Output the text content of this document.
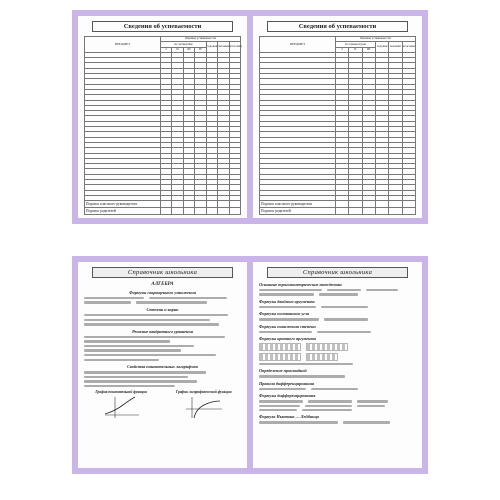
Сведения об успеваемости
ПРЕДМЕТ	Оценки успеваемости						
	по четвертям				годовая	экзамен	итоговая
	I	II	III	IV			

Подпись классного руководителя							
Подпись родителей							
Сведения об успеваемости
ПРЕДМЕТ	Оценки успеваемости					
	по триместрам			годовая	экзамен	итоговая
	I	II	III			

Подпись классного руководителя						
Подпись родителей						
Справочник школьника
АЛГЕБРА
Формулы сокращенного умножения
Степени и корни
Решение квадратного уравнения
Свойства показательных логарифмов
График показательной функции	График логарифмической функции
Справочник школьника
Основные тригонометрические тождества
Формулы двойного аргумента
Формулы половинного угла
Формулы понижения степени
Формулы кратного аргумента
Определение производной
Правила дифференцирования
Формулы дифференцирования
Формула Ньютона — Лейбница
